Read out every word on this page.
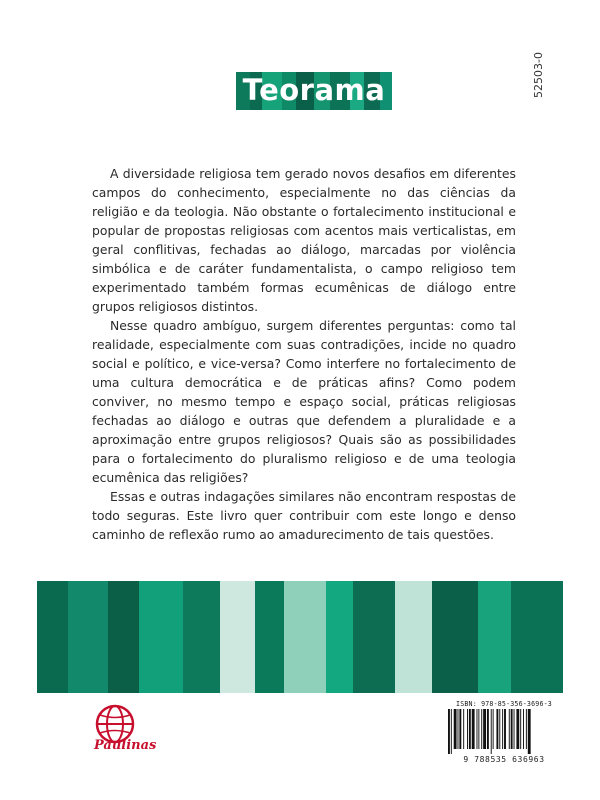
Teorama	52503-0

A diversidade religiosa tem gerado novos desafios em diferentes campos do conhecimento, especialmente no das ciências da religião e da teologia. Não obstante o fortalecimento institucional e popular de propostas religiosas com acentos mais verticalistas, em geral conflitivas, fechadas ao diálogo, marcadas por violência simbólica e de caráter fundamentalista, o campo religioso tem experimentado também formas ecumênicas de diálogo entre grupos religiosos distintos.

Nesse quadro ambíguo, surgem diferentes perguntas: como tal realidade, especialmente com suas contradições, incide no quadro social e político, e vice-versa? Como interfere no fortalecimento de uma cultura democrática e de práticas afins? Como podem conviver, no mesmo tempo e espaço social, práticas religiosas fechadas ao diálogo e outras que defendem a pluralidade e a aproximação entre grupos religiosos? Quais são as possibilidades para o fortalecimento do pluralismo religioso e de uma teologia ecumênica das religiões?

Essas e outras indagações similares não encontram respostas de todo seguras. Este livro quer contribuir com este longo e denso caminho de reflexão rumo ao amadurecimento de tais questões.

Paulinas
ISBN: 978-85-356-3696-3
9 788535 636963
